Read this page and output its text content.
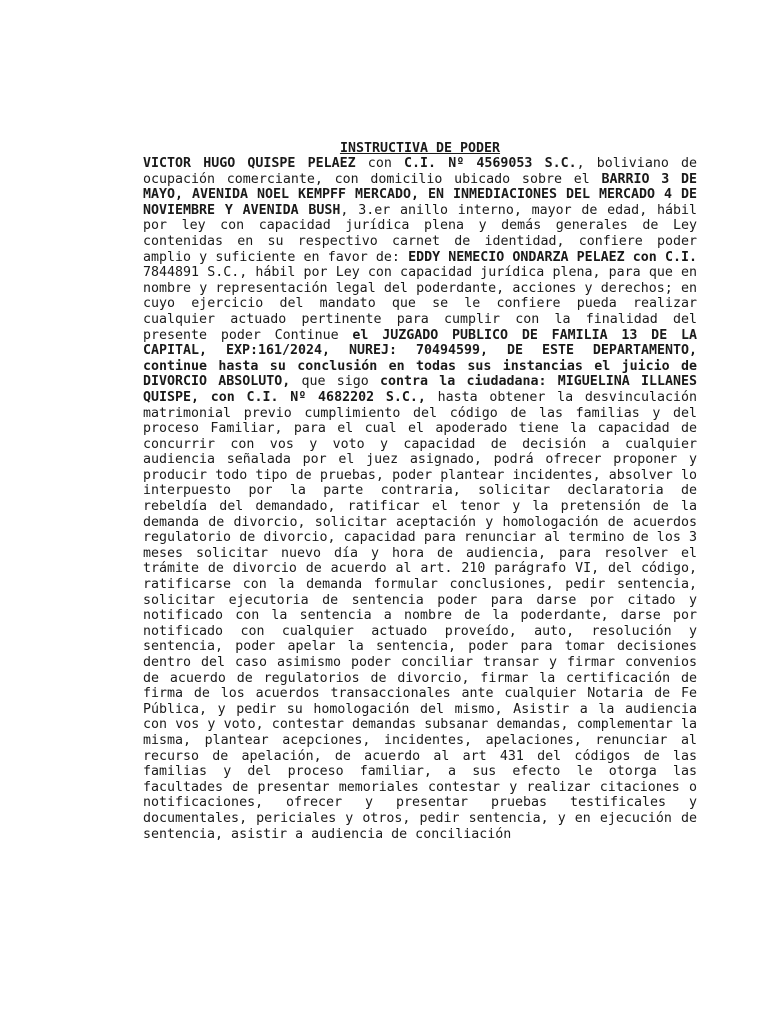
INSTRUCTIVA DE PODER
VICTOR HUGO QUISPE PELAEZ con C.I. Nº 4569053 S.C., boliviano de ocupación comerciante, con domicilio ubicado sobre el BARRIO 3 DE MAYO, AVENIDA NOEL KEMPFF MERCADO, EN INMEDIACIONES DEL MERCADO 4 DE NOVIEMBRE Y AVENIDA BUSH, 3.er anillo interno, mayor de edad, hábil por ley con capacidad jurídica plena y demás generales de Ley contenidas en su respectivo carnet de identidad, confiere poder amplio y suficiente en favor de: EDDY NEMECIO ONDARZA PELAEZ con C.I. 7844891 S.C., hábil por Ley con capacidad jurídica plena, para que en nombre y representación legal del poderdante, acciones y derechos; en cuyo ejercicio del mandato que se le confiere pueda realizar cualquier actuado pertinente para cumplir con la finalidad del presente poder Continue el JUZGADO PUBLICO DE FAMILIA 13 DE LA CAPITAL, EXP:161/2024, NUREJ: 70494599, DE ESTE DEPARTAMENTO, continue hasta su conclusión en todas sus instancias el juicio de DIVORCIO ABSOLUTO, que sigo contra la ciudadana: MIGUELINA ILLANES QUISPE, con C.I. Nº 4682202 S.C., hasta obtener la desvinculación matrimonial previo cumplimiento del código de las familias y del proceso Familiar, para el cual el apoderado tiene la capacidad de concurrir con vos y voto y capacidad de decisión a cualquier audiencia señalada por el juez asignado, podrá ofrecer proponer y producir todo tipo de pruebas, poder plantear incidentes, absolver lo interpuesto por la parte contraria, solicitar declaratoria de rebeldía del demandado, ratificar el tenor y la pretensión de la demanda de divorcio, solicitar aceptación y homologación de acuerdos regulatorio de divorcio, capacidad para renunciar al termino de los 3 meses solicitar nuevo día y hora de audiencia, para resolver el trámite de divorcio de acuerdo al art. 210 parágrafo VI, del código, ratificarse con la demanda formular conclusiones, pedir sentencia, solicitar ejecutoria de sentencia poder para darse por citado y notificado con la sentencia a nombre de la poderdante, darse por notificado con cualquier actuado proveído, auto, resolución y sentencia, poder apelar la sentencia, poder para tomar decisiones dentro del caso asimismo poder conciliar transar y firmar convenios de acuerdo de regulatorios de divorcio, firmar la certificación de firma de los acuerdos transaccionales ante cualquier Notaria de Fe Pública, y pedir su homologación del mismo, Asistir a la audiencia con vos y voto, contestar demandas subsanar demandas, complementar la misma, plantear acepciones, incidentes, apelaciones, renunciar al recurso de apelación, de acuerdo al art 431 del códigos de las familias y del proceso familiar, a sus efecto le otorga las facultades de presentar memoriales contestar y realizar citaciones o notificaciones, ofrecer y presentar pruebas testificales y documentales, periciales y otros, pedir sentencia, y en ejecución de sentencia, asistir a audiencia de conciliación
